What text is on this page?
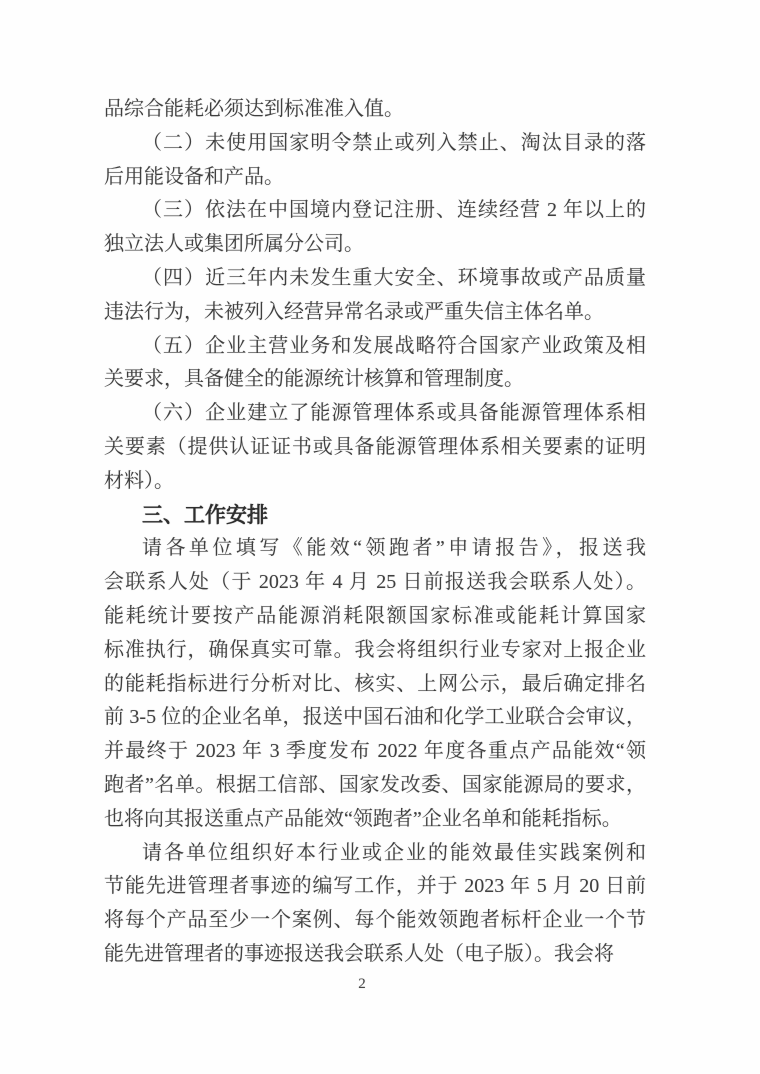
品综合能耗必须达到标准准入值。
（二）未使用国家明令禁止或列入禁止、淘汰目录的落
后用能设备和产品。
（三）依法在中国境内登记注册、连续经营 2 年以上的
独立法人或集团所属分公司。
（四）近三年内未发生重大安全、环境事故或产品质量
违法行为，未被列入经营异常名录或严重失信主体名单。
（五）企业主营业务和发展战略符合国家产业政策及相
关要求，具备健全的能源统计核算和管理制度。
（六）企业建立了能源管理体系或具备能源管理体系相
关要素（提供认证证书或具备能源管理体系相关要素的证明
材料）。
三、工作安排
请各单位填写《能效“领跑者”申请报告》，报送我
会联系人处（于 2023 年 4 月 25 日前报送我会联系人处）。
能耗统计要按产品能源消耗限额国家标准或能耗计算国家
标准执行，确保真实可靠。我会将组织行业专家对上报企业
的能耗指标进行分析对比、核实、上网公示，最后确定排名
前 3-5 位的企业名单，报送中国石油和化学工业联合会审议，
并最终于 2023 年 3 季度发布 2022 年度各重点产品能效“领
跑者”名单。根据工信部、国家发改委、国家能源局的要求，
也将向其报送重点产品能效“领跑者”企业名单和能耗指标。
请各单位组织好本行业或企业的能效最佳实践案例和
节能先进管理者事迹的编写工作，并于 2023 年 5 月 20 日前
将每个产品至少一个案例、每个能效领跑者标杆企业一个节
能先进管理者的事迹报送我会联系人处（电子版）。我会将
2
